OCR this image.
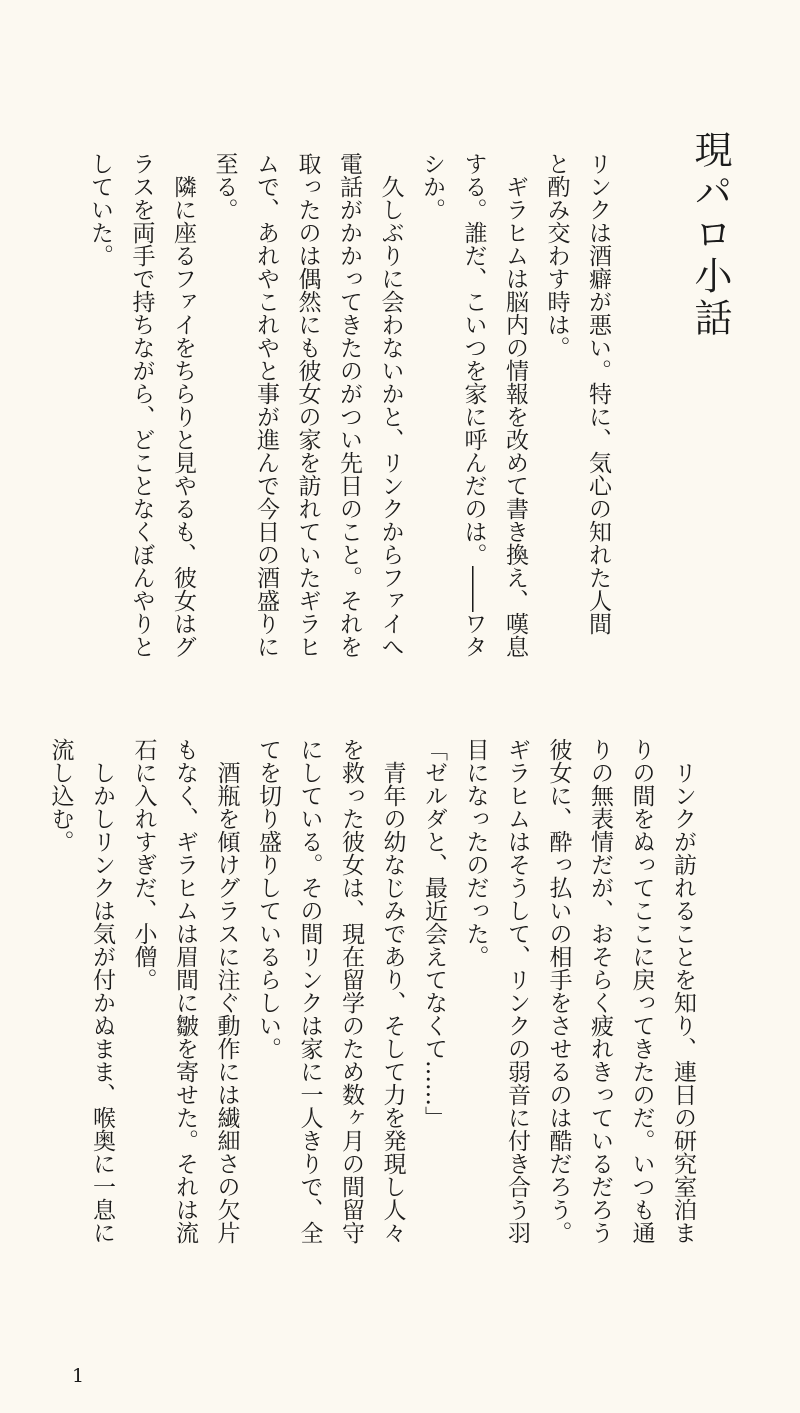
現パロ小話
リンクは酒癖が悪い。特に、気心の知れた人間
と酌み交わす時は。
　ギラヒムは脳内の情報を改めて書き換え、嘆息
する。誰だ、こいつを家に呼んだのは。――ワタ
シか。
　久しぶりに会わないかと、リンクからファイへ
電話がかかってきたのがつい先日のこと。それを
取ったのは偶然にも彼女の家を訪れていたギラヒ
ムで、あれやこれやと事が進んで今日の酒盛りに
至る。
　隣に座るファイをちらりと見やるも、彼女はグ
ラスを両手で持ちながら、どことなくぼんやりと
していた。
　リンクが訪れることを知り、連日の研究室泊ま
りの間をぬってここに戻ってきたのだ。いつも通
りの無表情だが、おそらく疲れきっているだろう
彼女に、酔っ払いの相手をさせるのは酷だろう。
ギラヒムはそうして、リンクの弱音に付き合う羽
目になったのだった。
「ゼルダと、最近会えてなくて……」
　青年の幼なじみであり、そして力を発現し人々
を救った彼女は、現在留学のため数ヶ月の間留守
にしている。その間リンクは家に一人きりで、全
てを切り盛りしているらしい。
　酒瓶を傾けグラスに注ぐ動作には繊細さの欠片
もなく、ギラヒムは眉間に皺を寄せた。それは流
石に入れすぎだ、小僧。
　しかしリンクは気が付かぬまま、喉奥に一息に
流し込む。
1
